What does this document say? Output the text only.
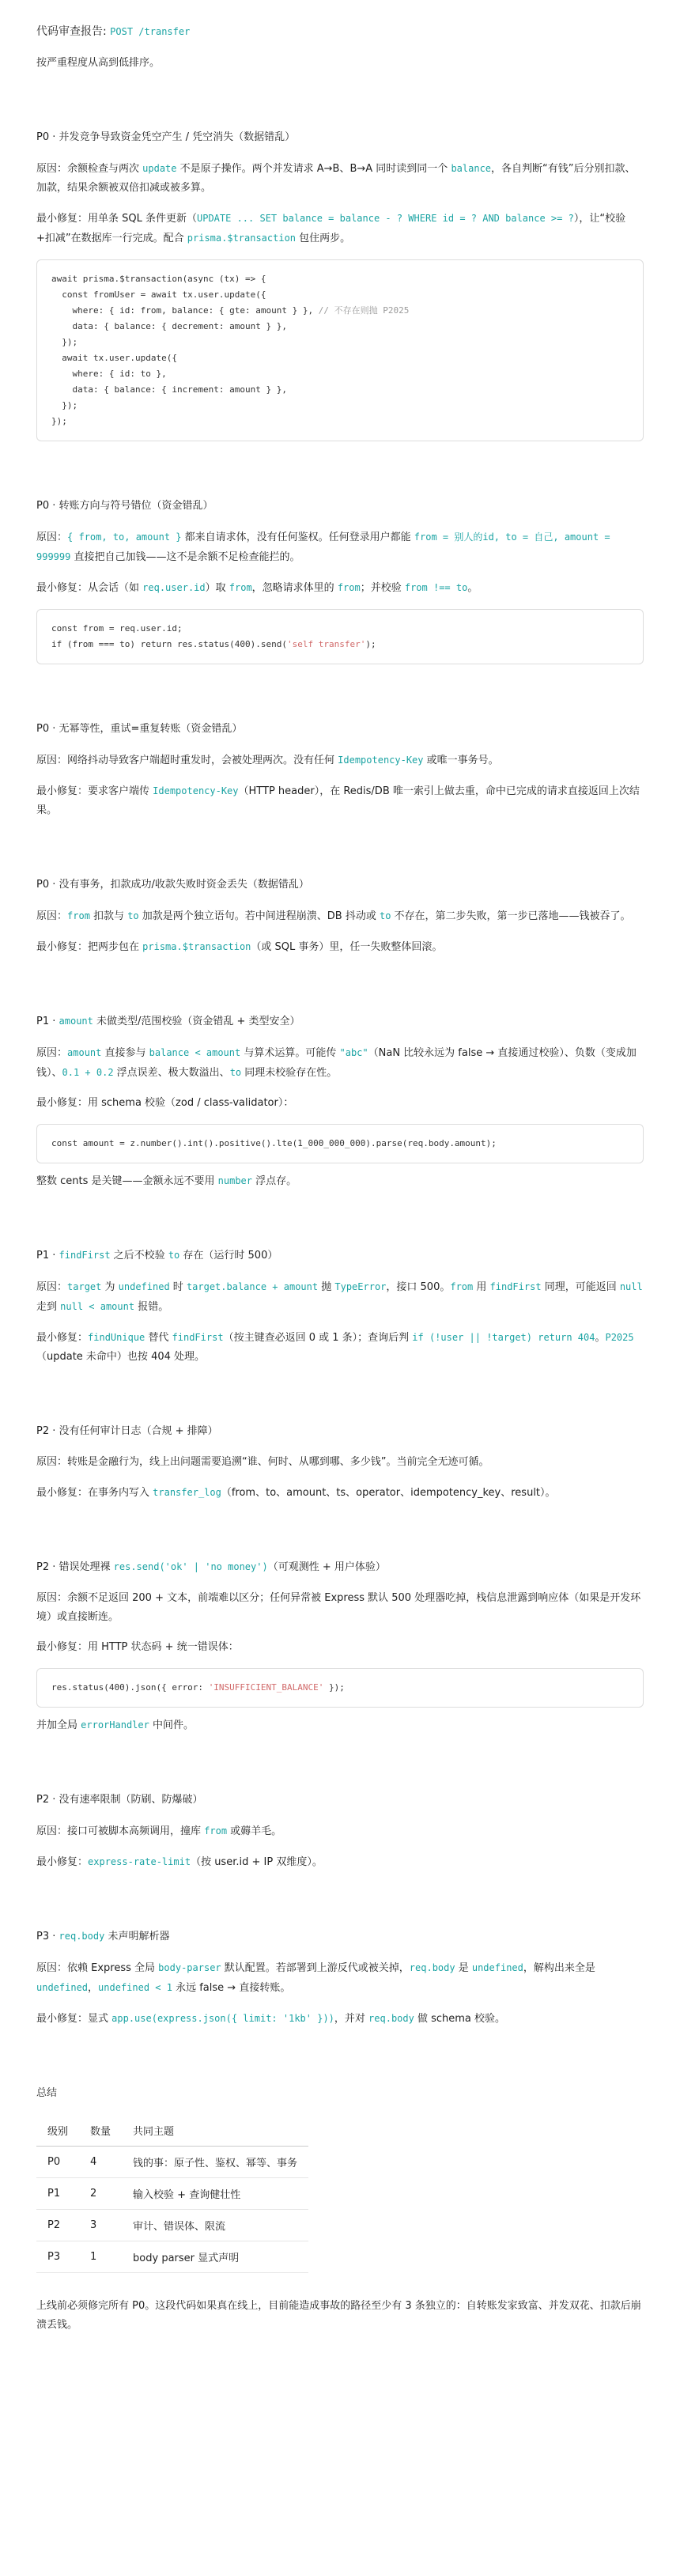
代码审查报告: POST /transfer
按严重程度从高到低排序。
P0 · 并发竞争导致资金凭空产生 / 凭空消失（数据错乱）
原因：余额检查与两次 update 不是原子操作。两个并发请求 A→B、B→A 同时读到同一个 balance，各自判断“有钱”后分别扣款、加款，结果余额被双倍扣减或被多算。
最小修复：用单条 SQL 条件更新（UPDATE ... SET balance = balance - ? WHERE id = ? AND balance >= ?），让“校验+扣减”在数据库一行完成。配合 prisma.$transaction 包住两步。
await prisma.$transaction(async (tx) => {
const fromUser = await tx.user.update({
where: { id: from, balance: { gte: amount } }, // 不存在则抛 P2025
data: { balance: { decrement: amount } },
});
await tx.user.update({
where: { id: to },
data: { balance: { increment: amount } },
});
});
P0 · 转账方向与符号错位（资金错乱）
原因：{ from, to, amount } 都来自请求体，没有任何鉴权。任何登录用户都能 from = 别人的id, to = 自己, amount = 999999 直接把自己加钱——这不是余额不足检查能拦的。
最小修复：从会话（如 req.user.id）取 from，忽略请求体里的 from；并校验 from !== to。
const from = req.user.id;
if (from === to) return res.status(400).send('self transfer');
P0 · 无幂等性，重试=重复转账（资金错乱）
原因：网络抖动导致客户端超时重发时，会被处理两次。没有任何 Idempotency-Key 或唯一事务号。
最小修复：要求客户端传 Idempotency-Key（HTTP header），在 Redis/DB 唯一索引上做去重，命中已完成的请求直接返回上次结果。
P0 · 没有事务，扣款成功/收款失败时资金丢失（数据错乱）
原因：from 扣款与 to 加款是两个独立语句。若中间进程崩溃、DB 抖动或 to 不存在，第二步失败，第一步已落地——钱被吞了。
最小修复：把两步包在 prisma.$transaction（或 SQL 事务）里，任一失败整体回滚。
P1 · amount 未做类型/范围校验（资金错乱 + 类型安全）
原因：amount 直接参与 balance < amount 与算术运算。可能传 "abc"（NaN 比较永远为 false → 直接通过校验）、负数（变成加钱）、0.1 + 0.2 浮点误差、极大数溢出、to 同理未校验存在性。
最小修复：用 schema 校验（zod / class-validator）：
const amount = z.number().int().positive().lte(1_000_000_000).parse(req.body.amount);
整数 cents 是关键——金额永远不要用 number 浮点存。
P1 · findFirst 之后不校验 to 存在（运行时 500）
原因：target 为 undefined 时 target.balance + amount 抛 TypeError，接口 500。from 用 findFirst 同理，可能返回 null 走到 null < amount 报错。
最小修复：findUnique 替代 findFirst（按主键查必返回 0 或 1 条）；查询后判 if (!user || !target) return 404。P2025（update 未命中）也按 404 处理。
P2 · 没有任何审计日志（合规 + 排障）
原因：转账是金融行为，线上出问题需要追溯“谁、何时、从哪到哪、多少钱”。当前完全无迹可循。
最小修复：在事务内写入 transfer_log（from、to、amount、ts、operator、idempotency_key、result）。
P2 · 错误处理裸 res.send('ok' | 'no money')（可观测性 + 用户体验）
原因：余额不足返回 200 + 文本，前端难以区分；任何异常被 Express 默认 500 处理器吃掉，栈信息泄露到响应体（如果是开发环境）或直接断连。
最小修复：用 HTTP 状态码 + 统一错误体：
res.status(400).json({ error: 'INSUFFICIENT_BALANCE' });
并加全局 errorHandler 中间件。
P2 · 没有速率限制（防刷、防爆破）
原因：接口可被脚本高频调用，撞库 from 或薅羊毛。
最小修复：express-rate-limit（按 user.id + IP 双维度）。
P3 · req.body 未声明解析器
原因：依赖 Express 全局 body-parser 默认配置。若部署到上游反代或被关掉，req.body 是 undefined，解构出来全是 undefined，undefined < 1 永远 false → 直接转账。
最小修复：显式 app.use(express.json({ limit: '1kb' }))，并对 req.body 做 schema 校验。
总结
级别	数量	共同主题
P0	4	钱的事：原子性、鉴权、幂等、事务
P1	2	输入校验 + 查询健壮性
P2	3	审计、错误体、限流
P3	1	body parser 显式声明
上线前必须修完所有 P0。这段代码如果真在线上，目前能造成事故的路径至少有 3 条独立的：自转账发家致富、并发双花、扣款后崩溃丢钱。
